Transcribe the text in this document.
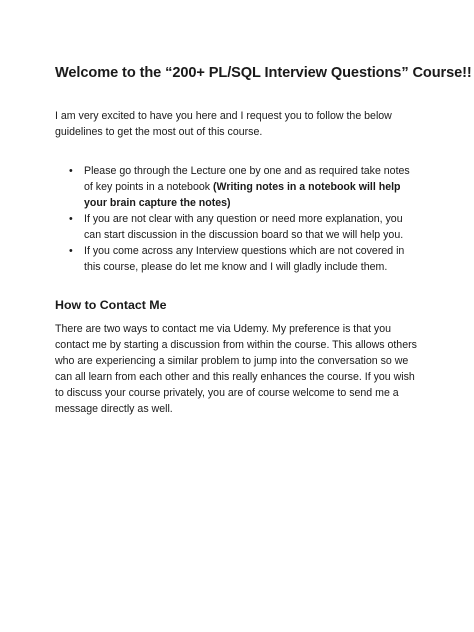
Welcome to the “200+ PL/SQL Interview Questions” Course!!

I am very excited to have you here and I request you to follow the below guidelines to get the most out of this course.

• Please go through the Lecture one by one and as required take notes of key points in a notebook (Writing notes in a notebook will help your brain capture the notes)
• If you are not clear with any question or need more explanation, you can start discussion in the discussion board so that we will help you.
• If you come across any Interview questions which are not covered in this course, please do let me know and I will gladly include them.
How to Contact Me

There are two ways to contact me via Udemy. My preference is that you contact me by starting a discussion from within the course. This allows others who are experiencing a similar problem to jump into the conversation so we can all learn from each other and this really enhances the course. If you wish to discuss your course privately, you are of course welcome to send me a message directly as well.
